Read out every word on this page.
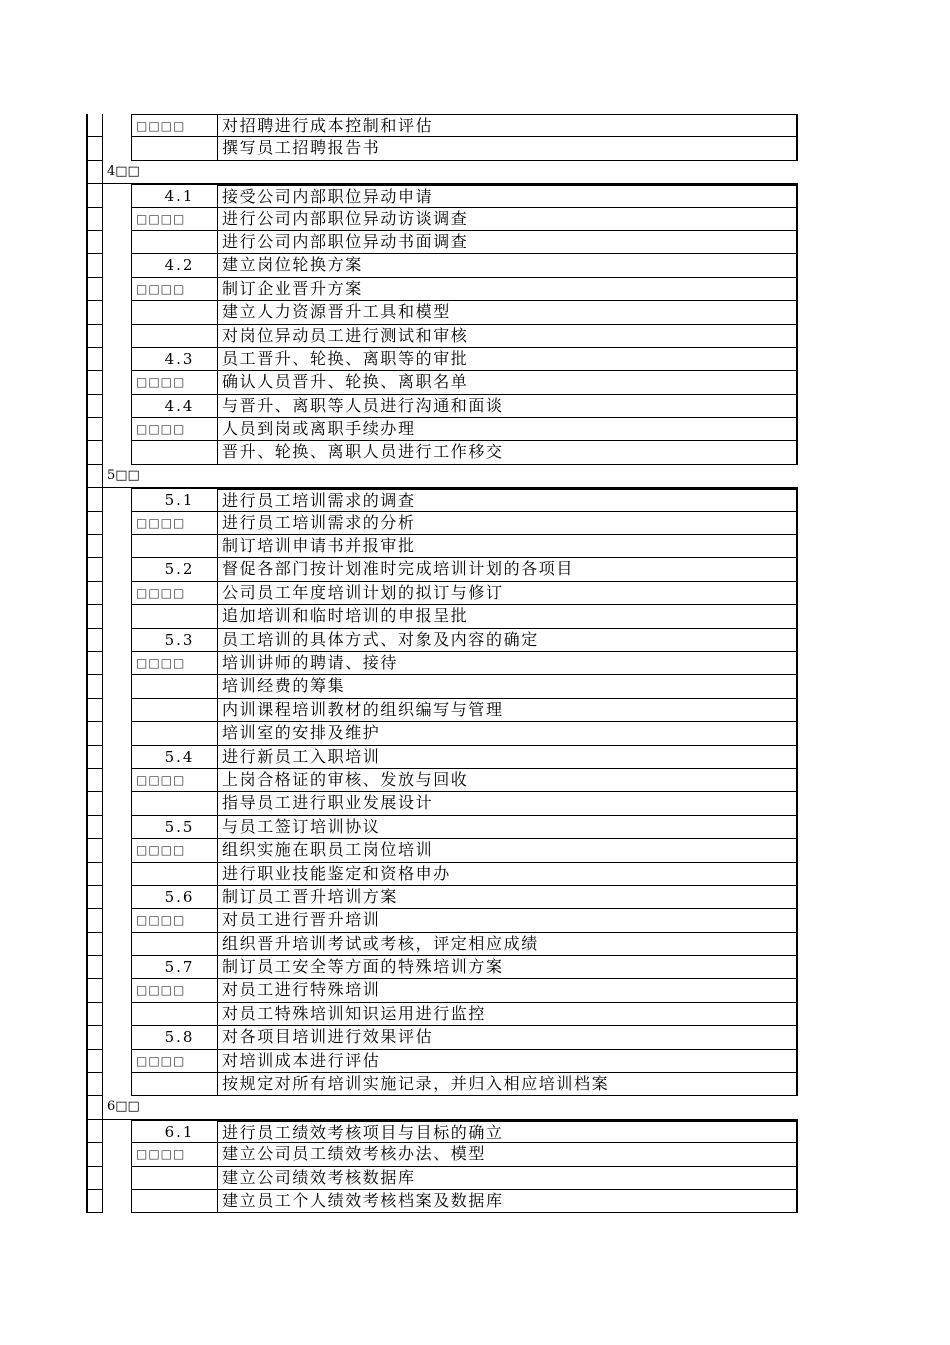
□□□□	对招聘进行成本控制和评估
撰写员工招聘报告书
4□□
4.1	接受公司内部职位异动申请
□□□□	进行公司内部职位异动访谈调查
进行公司内部职位异动书面调查
4.2	建立岗位轮换方案
□□□□	制订企业晋升方案
建立人力资源晋升工具和模型
对岗位异动员工进行测试和审核
4.3	员工晋升、轮换、离职等的审批
□□□□	确认人员晋升、轮换、离职名单
4.4	与晋升、离职等人员进行沟通和面谈
□□□□	人员到岗或离职手续办理
晋升、轮换、离职人员进行工作移交
5□□
5.1	进行员工培训需求的调查
□□□□	进行员工培训需求的分析
制订培训申请书并报审批
5.2	督促各部门按计划准时完成培训计划的各项目
□□□□	公司员工年度培训计划的拟订与修订
追加培训和临时培训的申报呈批
5.3	员工培训的具体方式、对象及内容的确定
□□□□	培训讲师的聘请、接待
培训经费的筹集
内训课程培训教材的组织编写与管理
培训室的安排及维护
5.4	进行新员工入职培训
□□□□	上岗合格证的审核、发放与回收
指导员工进行职业发展设计
5.5	与员工签订培训协议
□□□□	组织实施在职员工岗位培训
进行职业技能鉴定和资格申办
5.6	制订员工晋升培训方案
□□□□	对员工进行晋升培训
组织晋升培训考试或考核，评定相应成绩
5.7	制订员工安全等方面的特殊培训方案
□□□□	对员工进行特殊培训
对员工特殊培训知识运用进行监控
5.8	对各项目培训进行效果评估
□□□□	对培训成本进行评估
按规定对所有培训实施记录，并归入相应培训档案
6□□
6.1	进行员工绩效考核项目与目标的确立
□□□□	建立公司员工绩效考核办法、模型
建立公司绩效考核数据库
建立员工个人绩效考核档案及数据库
